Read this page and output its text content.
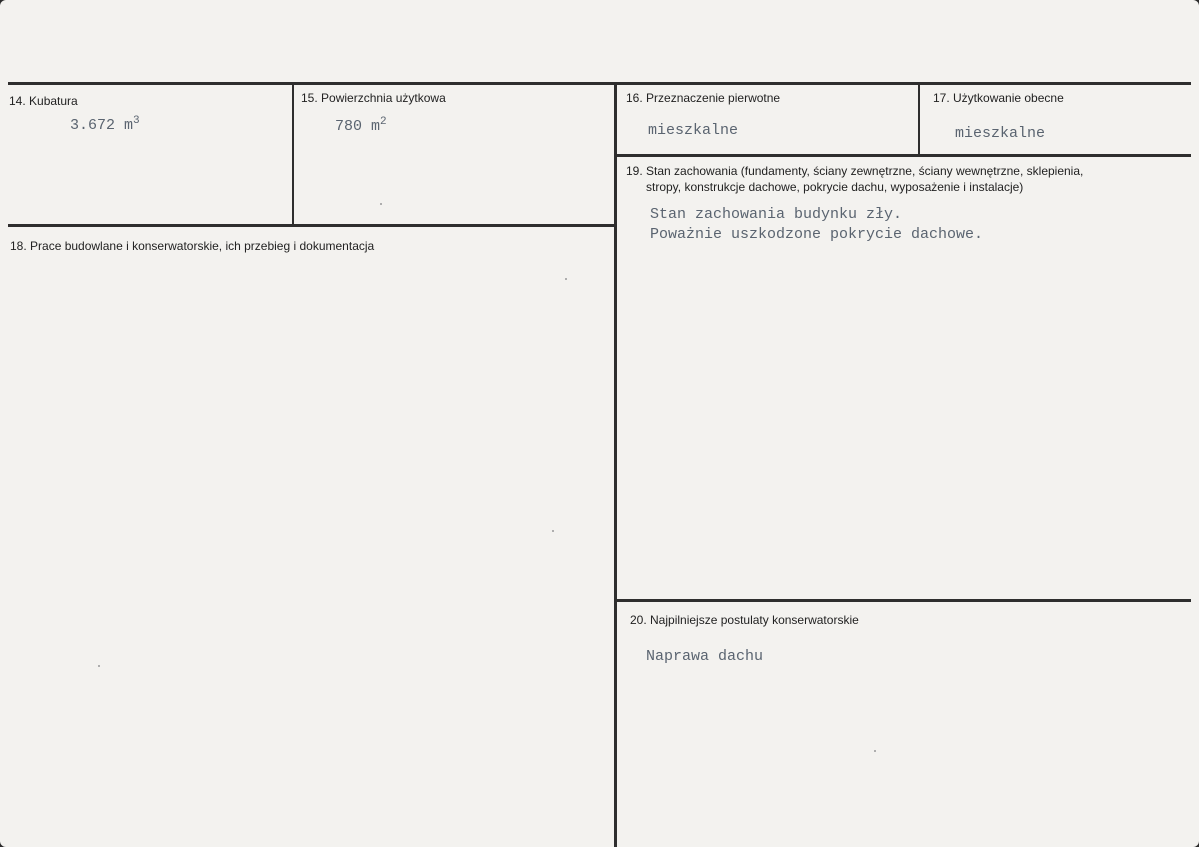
14. Kubatura
3.672 $m^3$
15. Powierzchnia użytkowa
780 $m^2$
16. Przeznaczenie pierwotne
mieszkalne
17. Użytkowanie obecne
mieszkalne
18. Prace budowlane i konserwatorskie, ich przebieg i dokumentacja
19. Stan zachowania (fundamenty, ściany zewnętrzne, ściany wewnętrzne, sklepienia,
stropy, konstrukcje dachowe, pokrycie dachu, wyposażenie i instalacje)
Stan zachowania budynku zły.
Poważnie uszkodzone pokrycie dachowe.
20. Najpilniejsze postulaty konserwatorskie
Naprawa dachu
